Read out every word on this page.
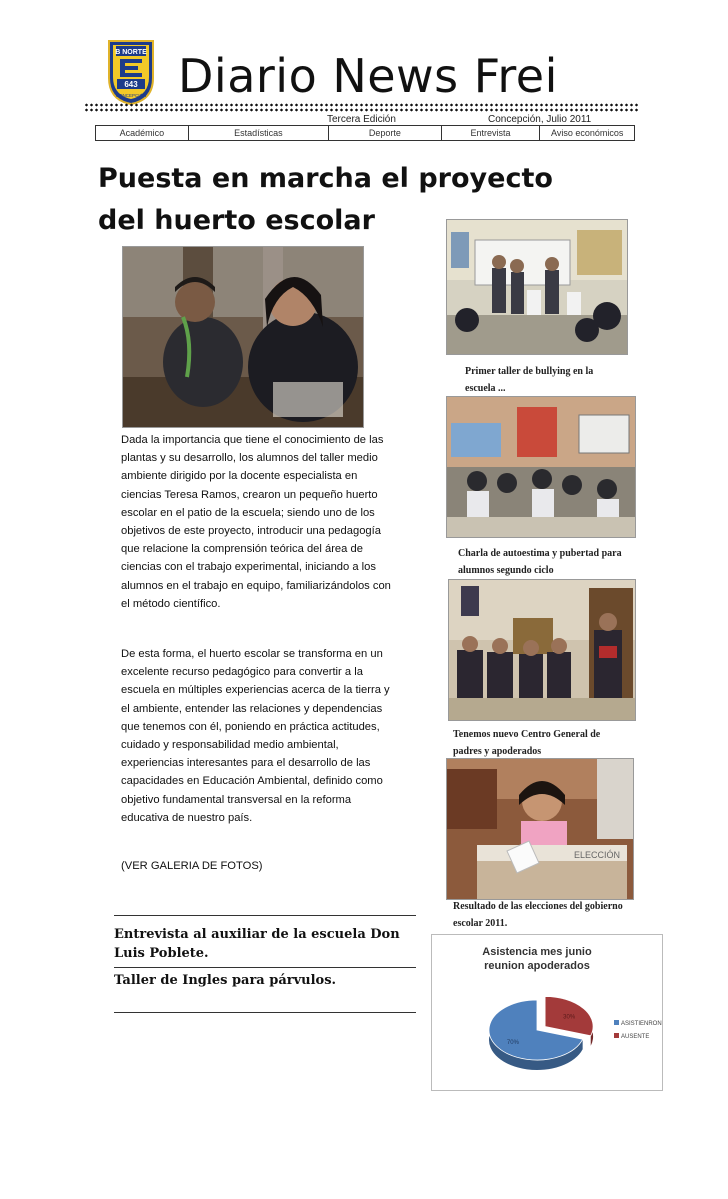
B NORTE
643
CONCEPCIÓN Diario News Frei
Tercera Edición	Concepción, Julio 2011
Académico	Estadísticas	Deporte	Entrevista	Aviso económicos
Puesta en marcha el proyecto del huerto escolar

Dada la importancia que tiene el conocimiento de las plantas y su desarrollo, los alumnos del taller medio ambiente dirigido por la docente especialista en ciencias Teresa Ramos, crearon un pequeño huerto escolar en el patio de la escuela; siendo uno de los objetivos de este proyecto, introducir una pedagogía que relacione la comprensión teórica del área de ciencias con el trabajo experimental, iniciando a los alumnos en el trabajo en equipo, familiarizándolos con el método científico.

De esta forma, el huerto escolar se transforma en un excelente recurso pedagógico para convertir a la escuela en múltiples experiencias acerca de la tierra y el ambiente, entender las relaciones y dependencias que tenemos con él, poniendo en práctica actitudes, cuidado y responsabilidad medio ambiental, experiencias interesantes para el desarrollo de las capacidades en Educación Ambiental, definido como objetivo fundamental transversal en la reforma educativa de nuestro país.

(VER GALERIA DE FOTOS)

Primer taller de bullying en la escuela ...

Charla de autoestima y pubertad para alumnos segundo ciclo

Tenemos nuevo Centro General de padres y apoderados

ELECCIÓN

Resultado de las elecciones del gobierno escolar 2011.

Entrevista al auxiliar de la escuela Don Luis Poblete.

Taller de Ingles para párvulos.

Asistencia mes junio
reunion apoderados
70%
30%
ASISTIENRON
AUSENTE
